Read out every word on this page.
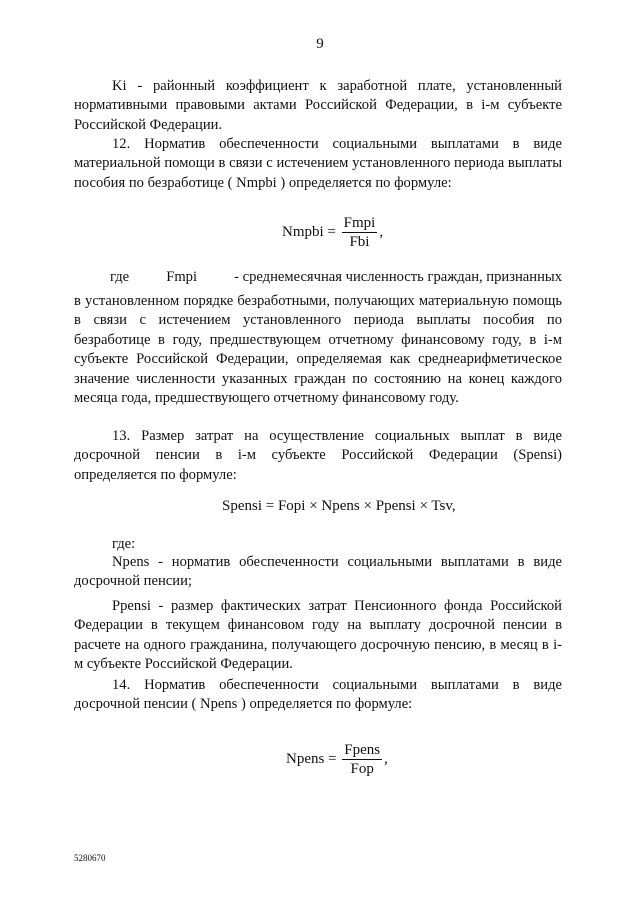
9
Ki - районный коэффициент к заработной плате, установленный нормативными правовыми актами Российской Федерации, в i-м субъекте Российской Федерации.
12. Норматив обеспеченности социальными выплатами в виде материальной помощи в связи с истечением установленного периода выплаты пособия по безработице ( Nmpbi ) определяется по формуле:
Nmpbi = $\frac{\text{Fmpi}}{\text{Fbi}}$ ,
где	Fmpi	- среднемесячная численность граждан, признанных
в установленном порядке безработными, получающих материальную помощь в связи с истечением установленного периода выплаты пособия по безработице в году, предшествующем отчетному финансовому году, в i-м субъекте Российской Федерации, определяемая как среднеарифметическое значение численности указанных граждан по состоянию на конец каждого месяца года, предшествующего отчетному финансовому году.
13. Размер затрат на осуществление социальных выплат в виде досрочной пенсии в i-м субъекте Российской Федерации (Spensi) определяется по формуле:
Spensi = Fopi × Npens × Ppensi × Tsv,
где:
Npens - норматив обеспеченности социальными выплатами в виде досрочной пенсии;
Ppensi - размер фактических затрат Пенсионного фонда Российской Федерации в текущем финансовом году на выплату досрочной пенсии в расчете на одного гражданина, получающего досрочную пенсию, в месяц в i-м субъекте Российской Федерации.
14. Норматив обеспеченности социальными выплатами в виде досрочной пенсии ( Npens ) определяется по формуле:
Npens = $\frac{\text{Fpens}}{\text{Fop}}$ ,
5280670
